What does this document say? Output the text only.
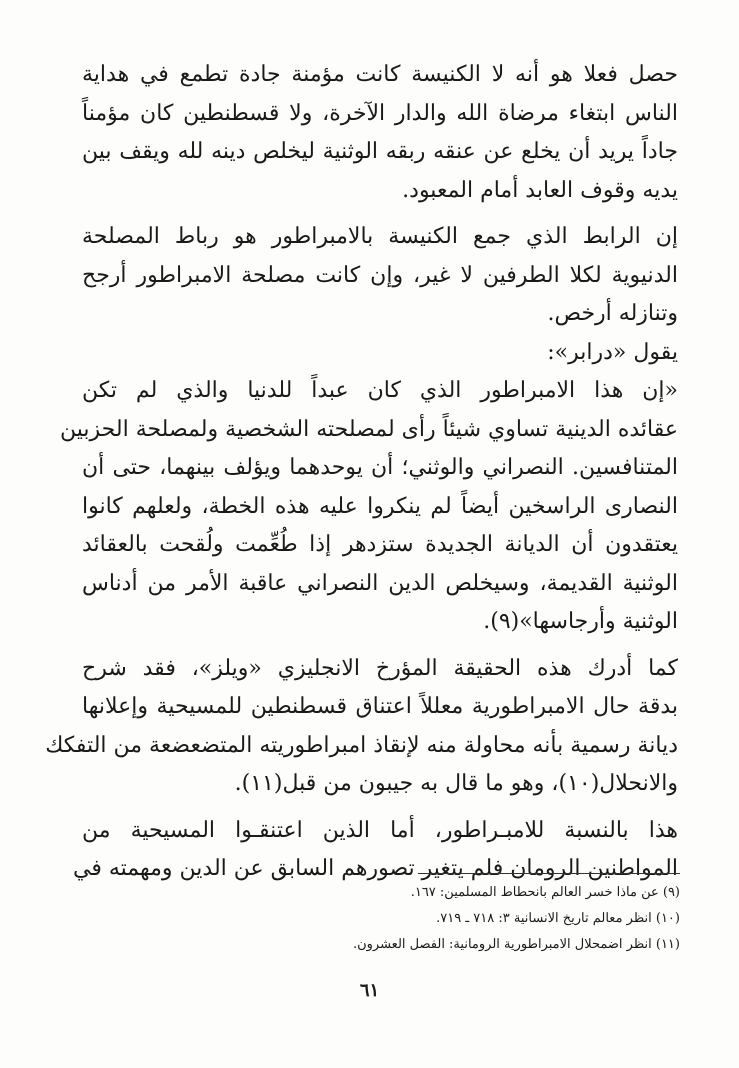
حصل فعلا هو أنه لا الكنيسة كانت مؤمنة جادة تطمع في هداية
الناس ابتغاء مرضاة الله والدار الآخرة، ولا قسطنطين كان مؤمناً
جاداً يريد أن يخلع عن عنقه ربقه الوثنية ليخلص دينه لله ويقف بين
يديه وقوف العابد أمام المعبود.
إن الرابط الذي جمع الكنيسة بالامبراطور هو رباط المصلحة
الدنيوية لكلا الطرفين لا غير، وإن كانت مصلحة الامبراطور أرجح
وتنازله أرخص.
يقول «درابر»:
«إن هذا الامبراطور الذي كان عبداً للدنيا والذي لم تكن
عقائده الدينية تساوي شيئاً رأى لمصلحته الشخصية ولمصلحة الحزبين
المتنافسين. النصراني والوثني؛ أن يوحدهما ويؤلف بينهما، حتى أن
النصارى الراسخين أيضاً لم ينكروا عليه هذه الخطة، ولعلهم كانوا
يعتقدون أن الديانة الجديدة ستزدهر إذا طُعِّمت ولُقحت بالعقائد
الوثنية القديمة، وسيخلص الدين النصراني عاقبة الأمر من أدناس
الوثنية وأرجاسها»(٩).
كما أدرك هذه الحقيقة المؤرخ الانجليزي «ويلز»، فقد شرح
بدقة حال الامبراطورية معللاً اعتناق قسطنطين للمسيحية وإعلانها
ديانة رسمية بأنه محاولة منه لإنقاذ امبراطوريته المتضعضعة من التفكك
والانحلال(١٠)، وهو ما قال به جيبون من قبل(١١).
هذا بالنسبة للامبـراطور، أما الذين اعتنقـوا المسيحية من
المواطنين الرومان فلم يتغير تصورهم السابق عن الدين ومهمته في
(٩) عن ماذا خسر العالم بانحطاط المسلمين: ١٦٧.
(١٠) انظر معالم تاريخ الانسانية ٣: ٧١٨ ـ ٧١٩.
(١١) انظر اضمحلال الامبراطورية الرومانية: الفصل العشرون.
٦١
